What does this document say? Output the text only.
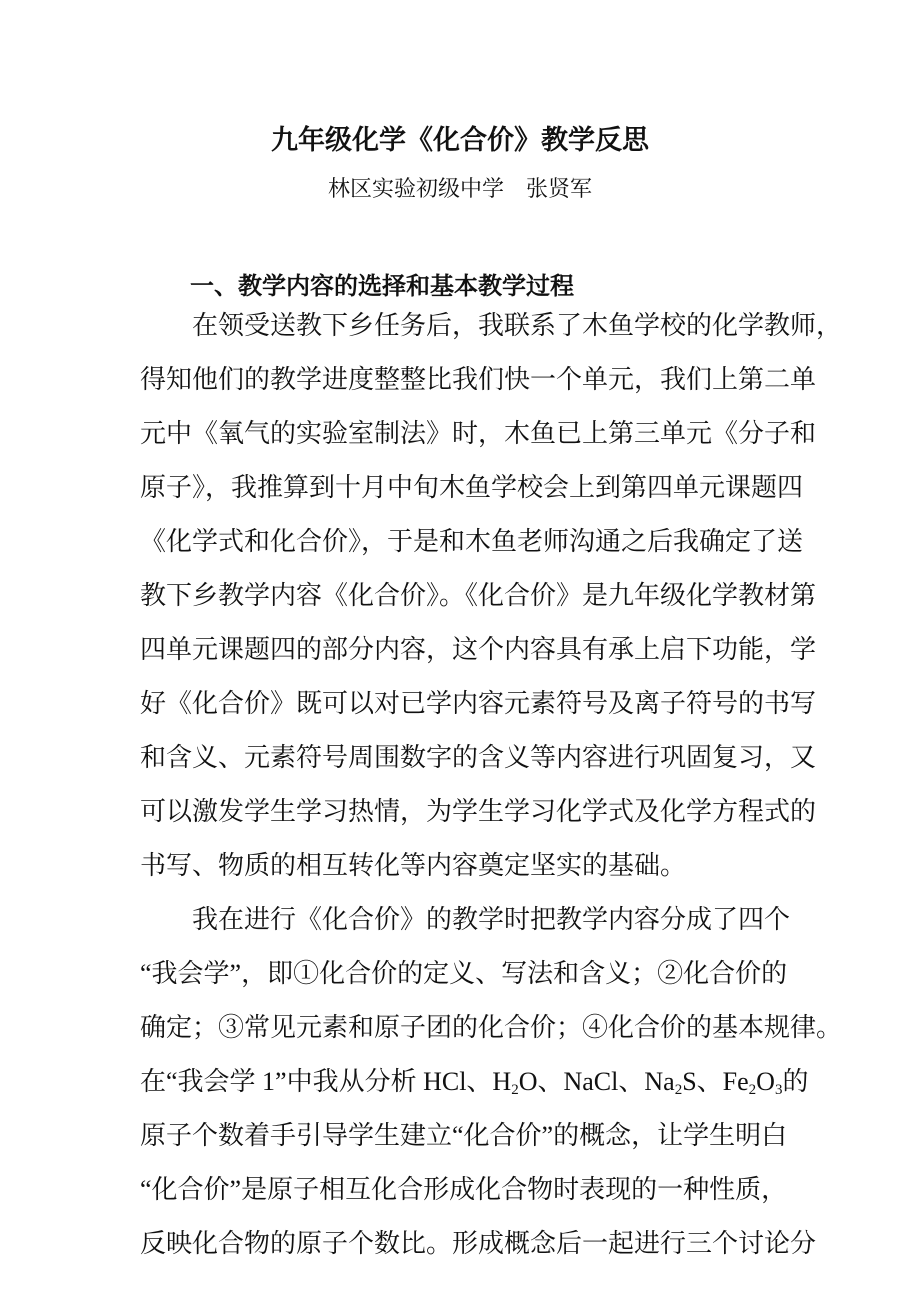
九年级化学《化合价》教学反思
林区实验初级中学　张贤军
一、教学内容的选择和基本教学过程
在领受送教下乡任务后，我联系了木鱼学校的化学教师，
得知他们的教学进度整整比我们快一个单元，我们上第二单
元中《氧气的实验室制法》时，木鱼已上第三单元《分子和
原子》，我推算到十月中旬木鱼学校会上到第四单元课题四
《化学式和化合价》，于是和木鱼老师沟通之后我确定了送
教下乡教学内容《化合价》。《化合价》是九年级化学教材第
四单元课题四的部分内容，这个内容具有承上启下功能，学
好《化合价》既可以对已学内容元素符号及离子符号的书写
和含义、元素符号周围数字的含义等内容进行巩固复习，又
可以激发学生学习热情，为学生学习化学式及化学方程式的
书写、物质的相互转化等内容奠定坚实的基础。
我在进行《化合价》的教学时把教学内容分成了四个
“我会学”，即①化合价的定义、写法和含义；②化合价的
确定；③常见元素和原子团的化合价；④化合价的基本规律。
在“我会学 1”中我从分析 HCl、$H_2O$、NaCl、$Na_2S$、$Fe_2O_3$的
原子个数着手引导学生建立“化合价”的概念，让学生明白
“化合价”是原子相互化合形成化合物时表现的一种性质，
反映化合物的原子个数比。形成概念后一起进行三个讨论分
